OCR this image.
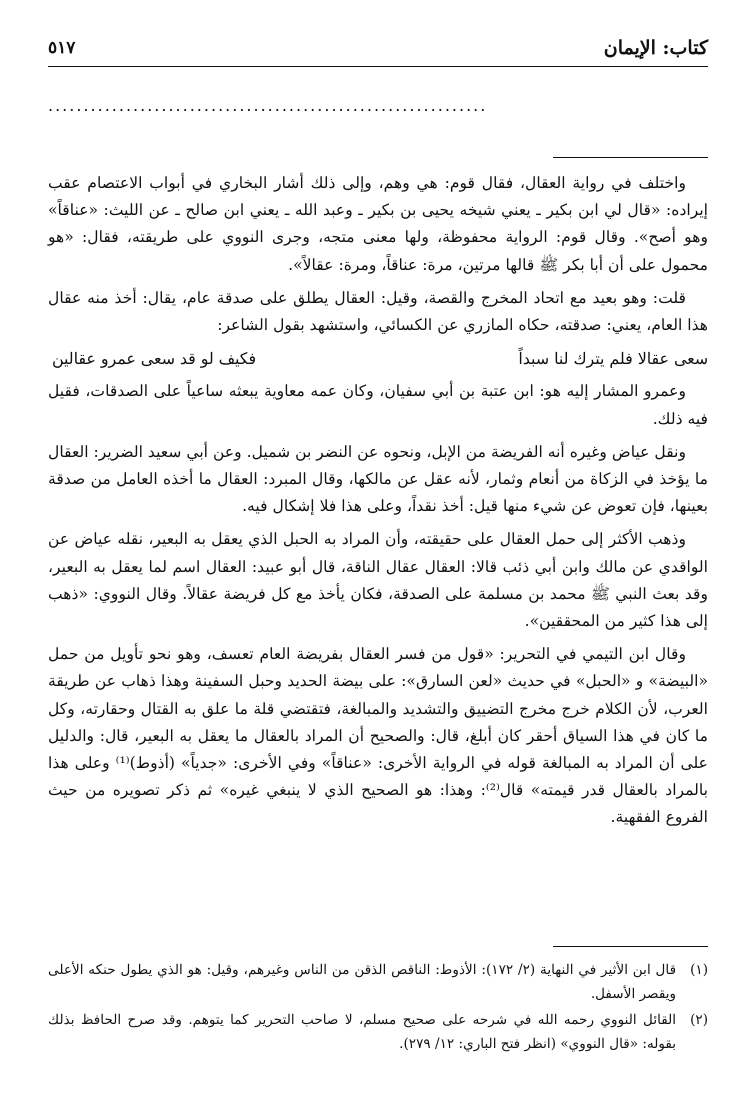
كتاب: الإيمان
٥١٧
..............................................................

واختلف في رواية العقال، فقال قوم: هي وهم، وإلى ذلك أشار البخاري في أبواب الاعتصام عقب إيراده: «قال لي ابن بكير ـ يعني شيخه يحيى بن بكير ـ وعبد الله ـ يعني ابن صالح ـ عن الليث: «عناقاً» وهو أصح». وقال قوم: الرواية محفوظة، ولها معنى متجه، وجرى النووي على طريقته، فقال: «هو محمول على أن أبا بكر ﷺ قالها مرتين، مرة: عناقاً، ومرة: عقالاً».

قلت: وهو بعيد مع اتحاد المخرج والقصة، وقيل: العقال يطلق على صدقة عام، يقال: أخذ منه عقال هذا العام، يعني: صدقته، حكاه المازري عن الكسائي، واستشهد بقول الشاعر:

سعى عقالا فلم يترك لنا سبداً
فكيف لو قد سعى عمرو عقالين

وعمرو المشار إليه هو: ابن عتبة بن أبي سفيان، وكان عمه معاوية يبعثه ساعياً على الصدقات، فقيل فيه ذلك.

ونقل عياض وغيره أنه الفريضة من الإبل، ونحوه عن النضر بن شميل. وعن أبي سعيد الضرير: العقال ما يؤخذ في الزكاة من أنعام وثمار، لأنه عقل عن مالكها، وقال المبرد: العقال ما أخذه العامل من صدقة بعينها، فإن تعوض عن شيء منها قيل: أخذ نقداً، وعلى هذا فلا إشكال فيه.

وذهب الأكثر إلى حمل العقال على حقيقته، وأن المراد به الحبل الذي يعقل به البعير، نقله عياض عن الواقدي عن مالك وابن أبي ذئب قالا: العقال عقال الناقة، قال أبو عبيد: العقال اسم لما يعقل به البعير، وقد بعث النبي ﷺ محمد بن مسلمة على الصدقة، فكان يأخذ مع كل فريضة عقالاً. وقال النووي: «ذهب إلى هذا كثير من المحققين».

وقال ابن التيمي في التحرير: «قول من فسر العقال بفريضة العام تعسف، وهو نحو تأويل من حمل «البيضة» و «الحبل» في حديث «لعن السارق»: على بيضة الحديد وحبل السفينة وهذا ذهاب عن طريقة العرب، لأن الكلام خرج مخرج التضييق والتشديد والمبالغة، فتقتضي قلة ما علق به القتال وحقارته، وكل ما كان في هذا السياق أحقر كان أبلغ، قال: والصحيح أن المراد بالعقال ما يعقل به البعير، قال: والدليل على أن المراد به المبالغة قوله في الرواية الأخرى: «عناقاً» وفي الأخرى: «جدياً» (أذوط)⁽¹⁾ وعلى هذا بالمراد بالعقال قدر قيمته» قال⁽²⁾: وهذا: هو الصحيح الذي لا ينبغي غيره» ثم ذكر تصويره من حيث الفروع الفقهية.

(١)
قال ابن الأثير في النهاية (٢/ ١٧٢): الأذوط: الناقص الذقن من الناس وغيرهم، وقيل: هو الذي يطول حنكه الأعلى ويقصر الأسفل.
(٢)
القائل النووي رحمه الله في شرحه على صحيح مسلم، لا صاحب التحرير كما يتوهم. وقد صرح الحافظ بذلك بقوله: «قال النووي» (انظر فتح الباري: ١٢/ ٢٧٩).
